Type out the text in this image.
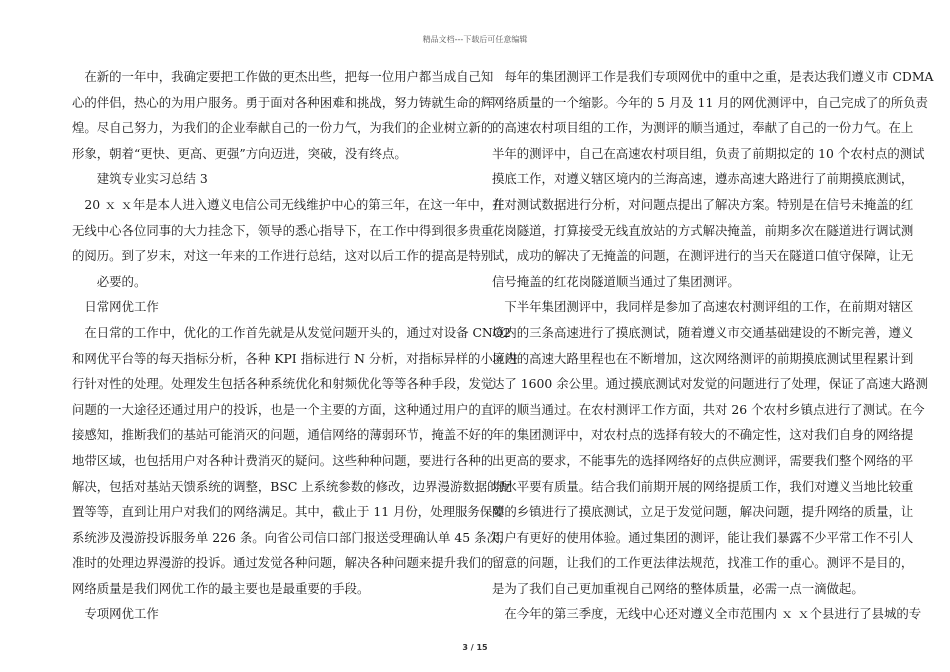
精品文档---下载后可任意编辑

　在新的一年中，我确定要把工作做的更杰出些，把每一位用户都当成自己知

心的伴侣，热心的为用户服务。勇于面对各种困难和挑战，努力铸就生命的辉

煌。尽自己努力，为我们的企业奉献自己的一份力气，为我们的企业树立新的

形象，朝着“更快、更高、更强”方向迈进，突破，没有终点。

　　建筑专业实习总结 3

　20 ｘ ｘ年是本人进入遵义电信公司无线维护中心的第三年，在这一年中，在

无线中心各位同事的大力挂念下，领导的悉心指导下，在工作中得到很多贵重

的阅历。到了岁末，对这一年来的工作进行总结，这对以后工作的提高是特别

　　必要的。

　日常网优工作

　在日常的工作中，优化的工作首先就是从发觉问题开头的，通过对设备 CNO2

和网优平台等的每天指标分析，各种 KPI 指标进行 N 分析，对指标异样的小区进

行针对性的处理。处理发生包括各种系统优化和射频优化等等各种手段，发觉

问题的一大途径还通过用户的投诉，也是一个主要的方面，这种通过用户的直

接感知，推断我们的基站可能消灭的问题，通信网络的薄弱环节，掩盖不好的

地带区域，也包括用户对各种计费消灭的疑问。这些种种问题，要进行各种的

解决，包括对基站天馈系统的调整，BSC 上系统参数的修改，边界漫游数据的配

置等等，直到让用户对我们的网络满足。其中，截止于 11 月份，处理服务保障

系统涉及漫游投诉服务单 226 条。向省公司信口部门报送受理确认单 45 条次，

准时的处理边界漫游的投诉。通过发觉各种问题，解决各种问题来提升我们的

网络质量是我们网优工作的最主要也是最重要的手段。

　专项网优工作

　每年的集团测评工作是我们专项网优中的重中之重，是表达我们遵义市 CDMA

网络质量的一个缩影。今年的 5 月及 11 月的网优测评中，自己完成了的所负责

的高速农村项目组的工作，为测评的顺当通过，奉献了自己的一份力气。在上

半年的测评中，自己在高速农村项目组，负责了前期拟定的 10 个农村点的测试

摸底工作，对遵义辖区境内的兰海高速，遵赤高速大路进行了前期摸底测试，

并对测试数据进行分析，对问题点提出了解决方案。特别是在信号未掩盖的红

花岗隧道，打算接受无线直放站的方式解决掩盖，前期多次在隧道进行调试测

试，成功的解决了无掩盖的问题，在测评进行的当天在隧道口值守保障，让无

信号掩盖的红花岗隧道顺当通过了集团测评。

　下半年集团测评中，我同样是参加了高速农村测评组的工作，在前期对辖区

境内的三条高速进行了摸底测试，随着遵义市交通基础建设的不断完善，遵义

境内的高速大路里程也在不断增加，这次网络测评的前期摸底测试里程累计到

达了 1600 余公里。通过摸底测试对发觉的问题进行了处理，保证了高速大路测

评的顺当通过。在农村测评工作方面，共对 26 个农村乡镇点进行了测试。在今

年的集团测评中，对农村点的选择有较大的不确定性，这对我们自身的网络提

出更高的要求，不能事先的选择网络好的点供应测评，需要我们整个网络的平

均水平要有质量。结合我们前期开展的网络提质工作，我们对遵义当地比较重

要的乡镇进行了摸底测试，立足于发觉问题，解决问题，提升网络的质量，让

用户有更好的使用体验。通过集团的测评，能让我们暴露不少平常工作不引人

留意的问题，让我们的工作更法律法规范，找准工作的重心。测评不是目的，

是为了我们自己更加重视自己网络的整体质量，必需一点一滴做起。

　在今年的第三季度，无线中心还对遵义全市范围内 ｘ ｘ个县进行了县城的专

3 / 15
